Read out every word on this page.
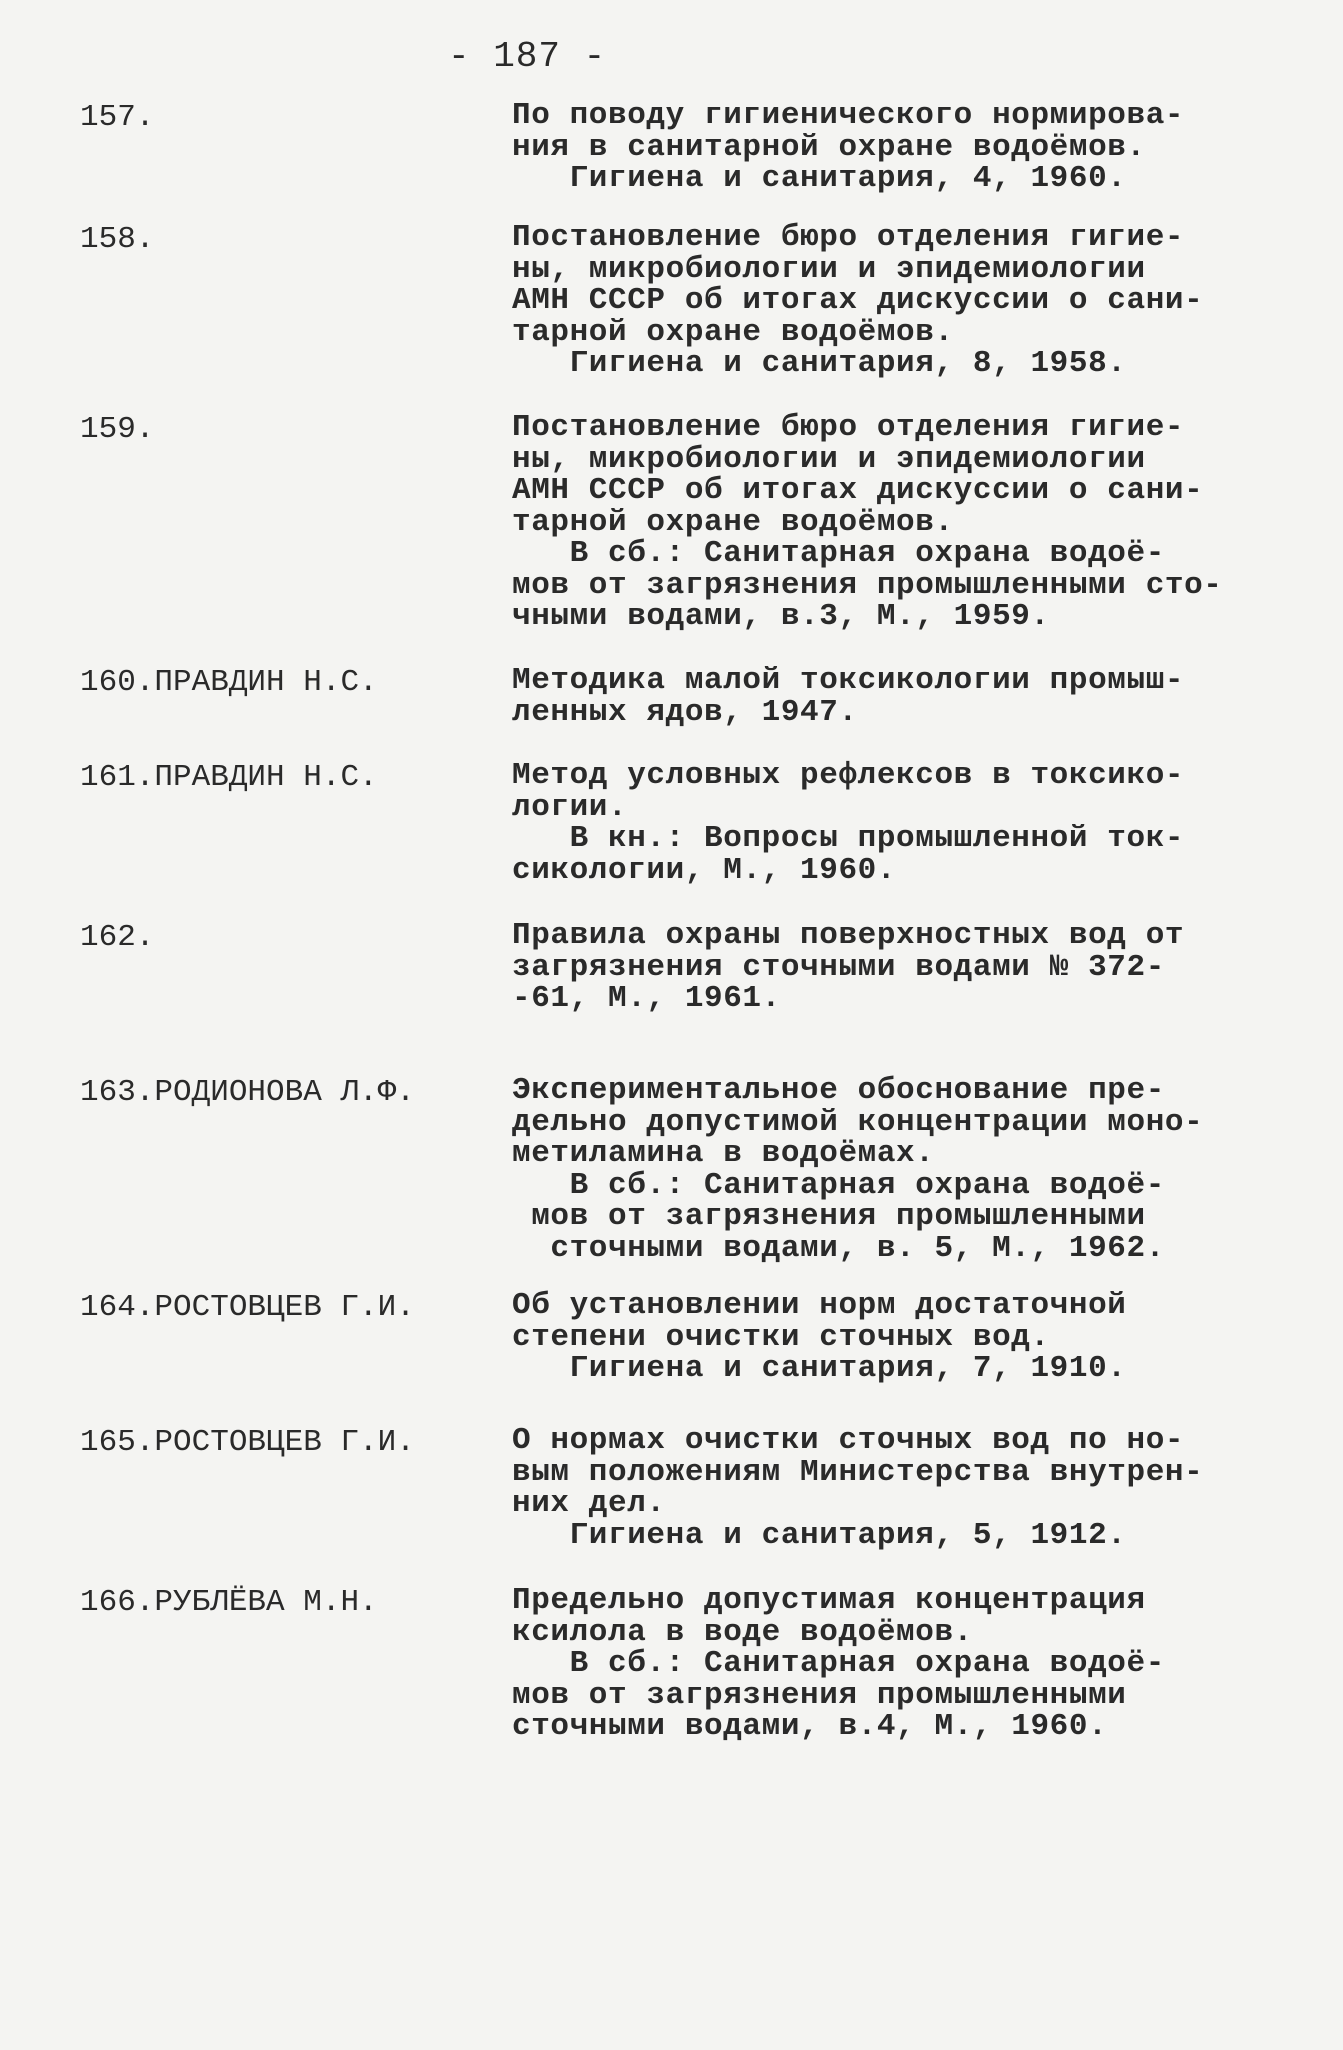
- 187 -
157.	По поводу гигиенического нормирова-
ния в санитарной охране водоёмов.
Гигиена и санитария, 4, 1960.
158.	Постановление бюро отделения гигие-
ны, микробиологии и эпидемиологии
АМН СССР об итогах дискуссии о сани-
тарной охране водоёмов.
Гигиена и санитария, 8, 1958.
159.	Постановление бюро отделения гигие-
ны, микробиологии и эпидемиологии
АМН СССР об итогах дискуссии о сани-
тарной охране водоёмов.
В сб.: Санитарная охрана водоё-
мов от загрязнения промышленными сто-
чными водами, в.3, М., 1959.
160.ПРАВДИН Н.С.	Методика малой токсикологии промыш-
ленных ядов, 1947.
161.ПРАВДИН Н.С.	Метод условных рефлексов в токсико-
логии.
В кн.: Вопросы промышленной ток-
сикологии, М., 1960.
162.	Правила охраны поверхностных вод от
загрязнения сточными водами № 372-
-61, М., 1961.
163.РОДИОНОВА Л.Ф.	Экспериментальное обоснование пре-
дельно допустимой концентрации моно-
метиламина в водоёмах.
В сб.: Санитарная охрана водоё-
мов от загрязнения промышленными
сточными водами, в. 5, М., 1962.
164.РОСТОВЦЕВ Г.И.	Об установлении норм достаточной
степени очистки сточных вод.
Гигиена и санитария, 7, 1910.
165.РОСТОВЦЕВ Г.И.	О нормах очистки сточных вод по но-
вым положениям Министерства внутрен-
них дел.
Гигиена и санитария, 5, 1912.
166.РУБЛЁВА М.Н.	Предельно допустимая концентрация
ксилола в воде водоёмов.
В сб.: Санитарная охрана водоё-
мов от загрязнения промышленными
сточными водами, в.4, М., 1960.
